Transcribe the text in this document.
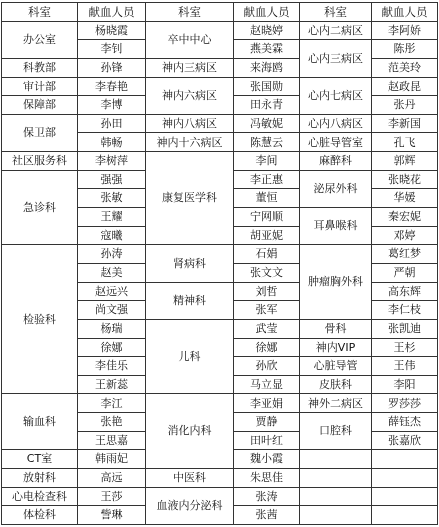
科室	献血人员	科室	献血人员	科室	献血人员
办公室	杨晓霞	卒中中心	赵晓婷	心内二病区	李阿娇
	李钊		燕美霖	心内三病区	陈彤
科教部	孙锋	神内三病区	来海鸥		范美玲
审计部	李春艳	神内六病区	张国勋	心内七病区	赵政昆
保障部	李博		田永青		张丹
保卫部	孙田	神内八病区	冯敏妮	心内八病区	李新国
	韩畅	神内十六病区	陈慧云	心脏导管室	孔飞
社区服务科	李树萍	康复医学科	李间	麻醉科	郭辉
急诊科	强强		李正惠	泌尿外科	张晓花
	张敏		董恒		华媛
	王耀		宁网顺	耳鼻喉科	秦宏妮
	寇曦		胡亚妮		邓婷
检验科	孙涛	肾病科	石娟	肿瘤胸外科	葛红梦
	赵美		张文文		严朝
	赵远兴	精神科	刘哲		高东辉
	尚文强		张军		李仁枝
	杨瑞	儿科	武莹	骨科	张凯迪
	徐娜		徐娜	神内VIP	王杉
	李佳乐		孙欣	心脏导管	王伟
	王新蕊		马立显	皮肤科	李阳
输血科	李江	消化内科	李亚娟	神外二病区	罗莎莎
	张艳		贾静	口腔科	薛钰杰
	王思嘉		田叶红		张嘉欣
CT室	韩雨妃		魏小霞		
放射科	高远	中医科	朱思佳		
心电检查科	王莎	血液内分泌科	张涛		
体检科	訾琳		张茜		
